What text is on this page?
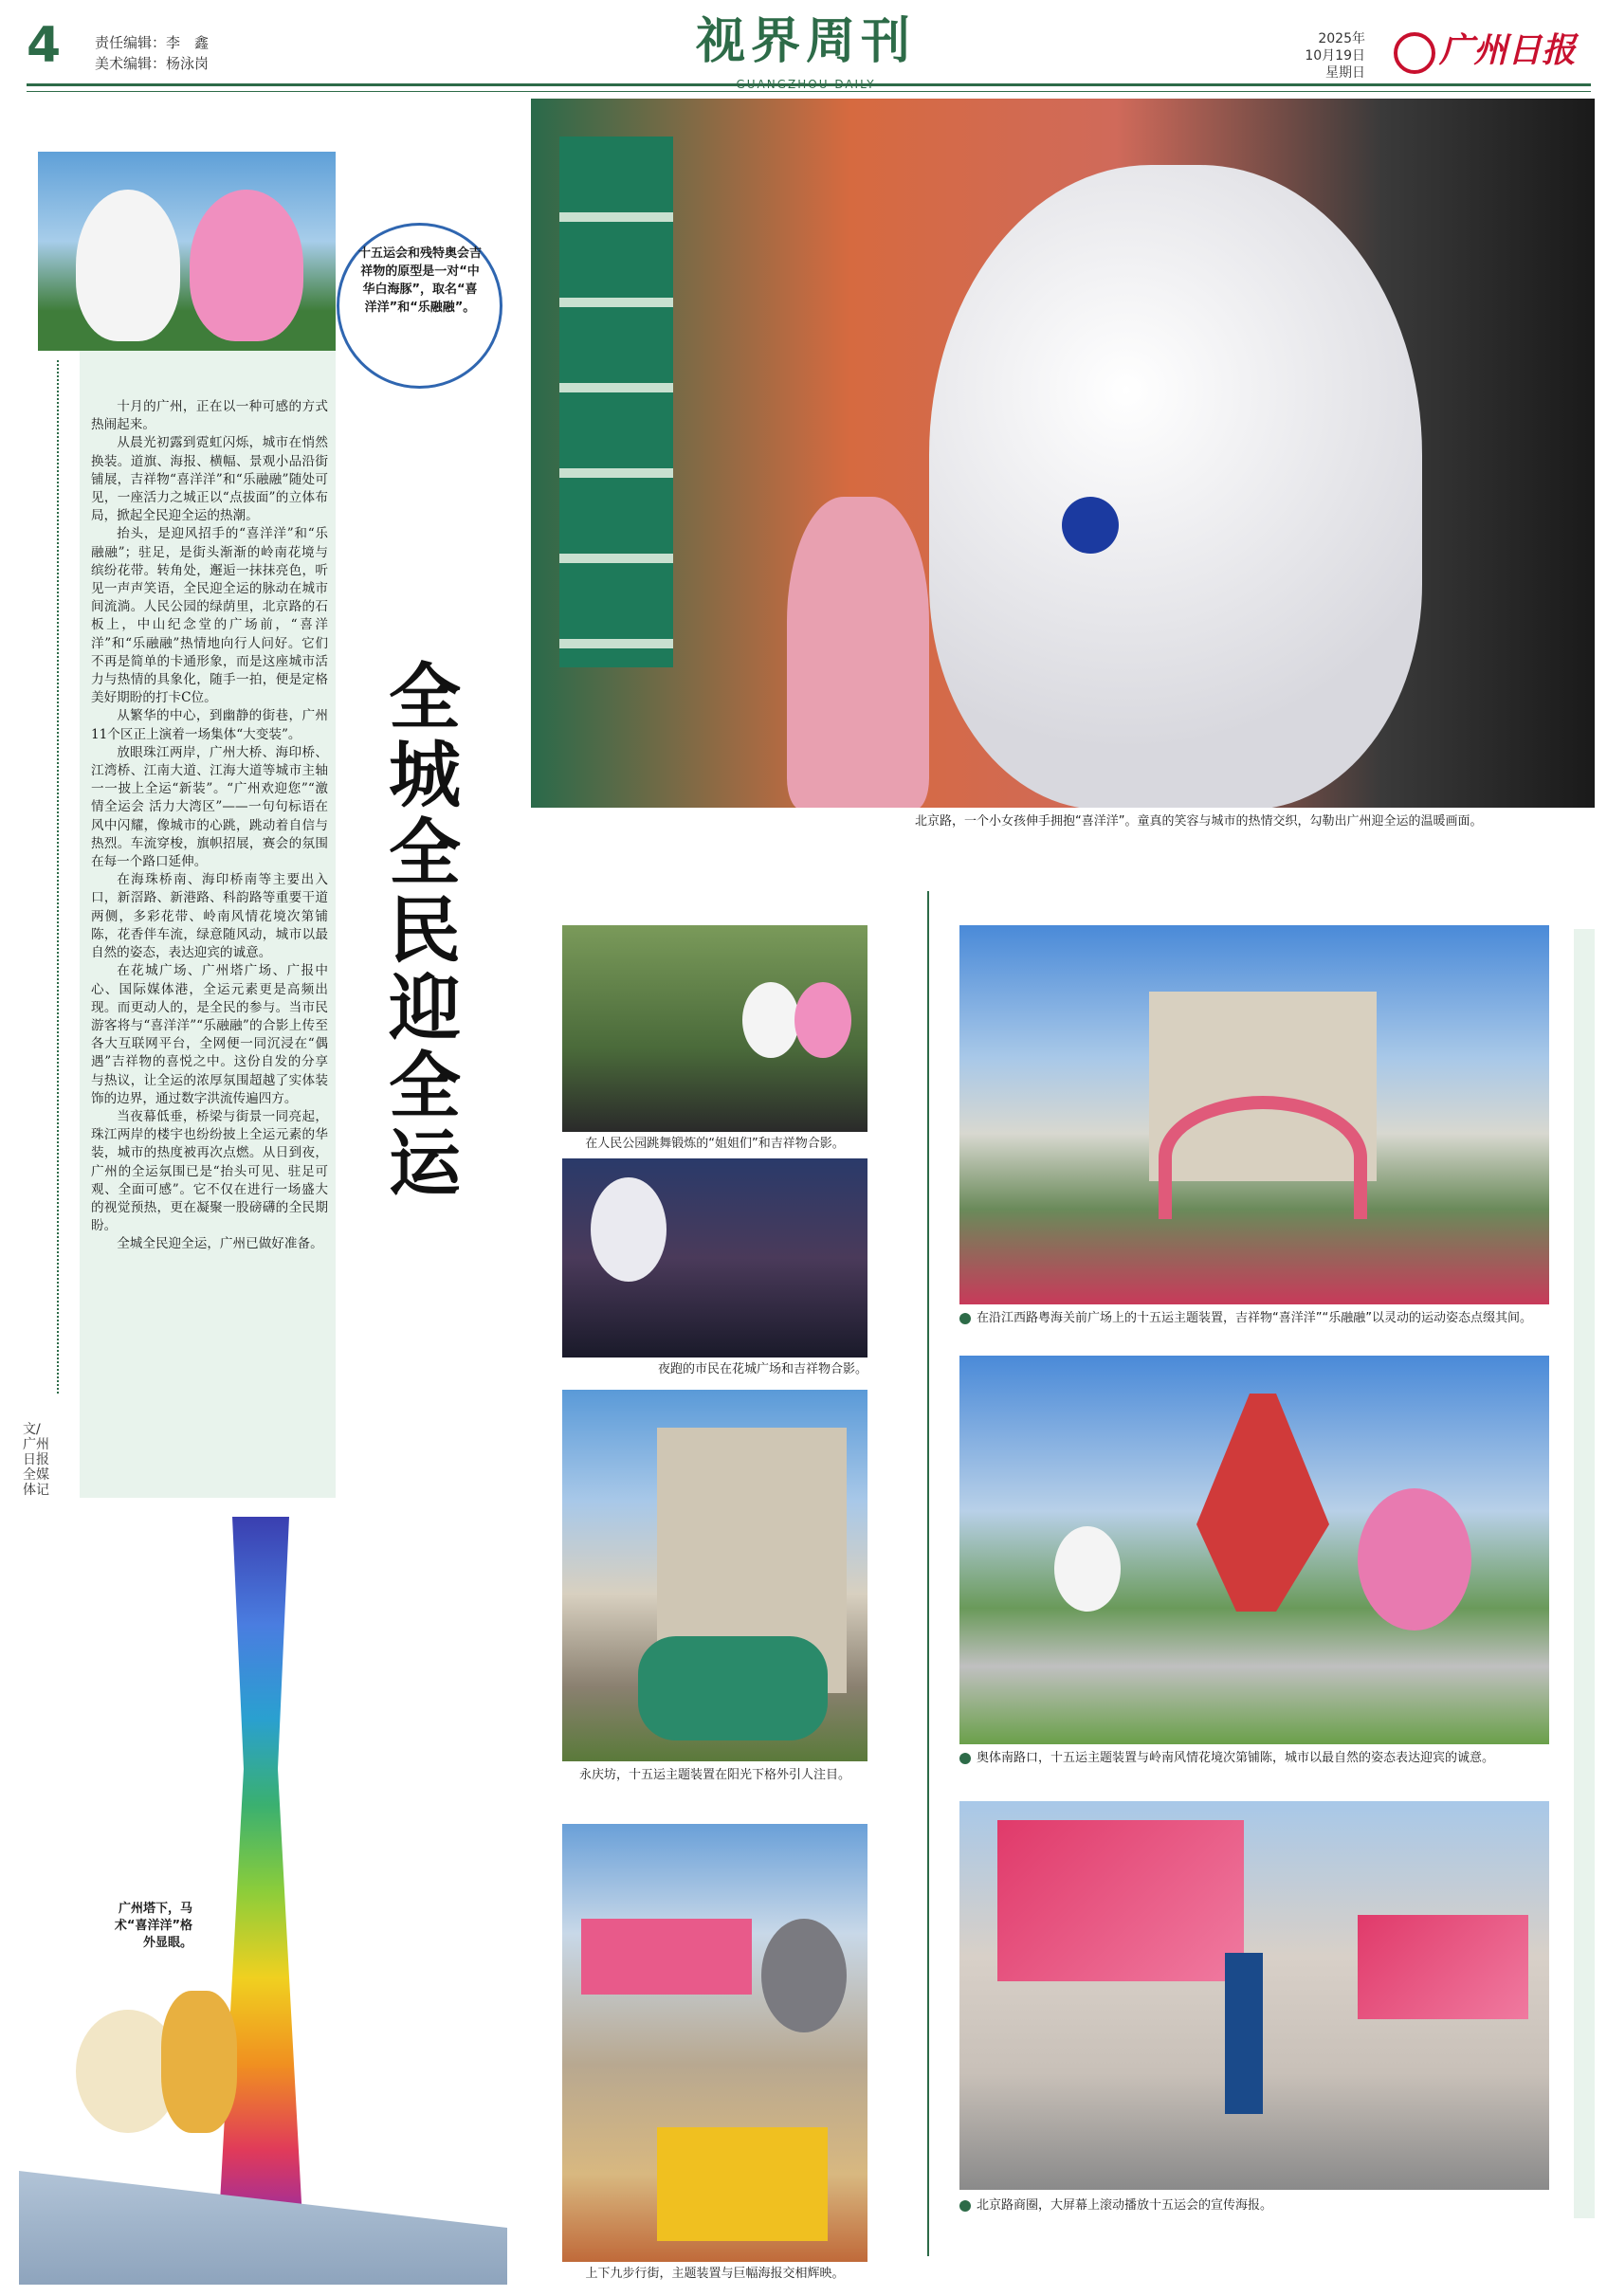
4 责任编辑：李　鑫
美术编辑：杨泳岗	视界周刊	2025年
10月19日
星期日
广州日报
十五运会和残特奥会吉祥物的原型是一对“中华白海豚”，取名“喜洋洋”和“乐融融”。

十月的广州，正在以一种可感的方式热闹起来。

从晨光初露到霓虹闪烁，城市在悄然换装。道旗、海报、横幅、景观小品沿街铺展，吉祥物“喜洋洋”和“乐融融”随处可见，一座活力之城正以“点拔面”的立体布局，掀起全民迎全运的热潮。

抬头，是迎风招手的“喜洋洋”和“乐融融”；驻足，是街头渐渐的岭南花境与缤纷花带。转角处，邂逅一抹抹亮色，听见一声声笑语，全民迎全运的脉动在城市间流淌。人民公园的绿荫里，北京路的石板上，中山纪念堂的广场前，“喜洋洋”和“乐融融”热情地向行人问好。它们不再是简单的卡通形象，而是这座城市活力与热情的具象化，随手一拍，便是定格美好期盼的打卡C位。

从繁华的中心，到幽静的街巷，广州11个区正上演着一场集体“大变装”。

放眼珠江两岸，广州大桥、海印桥、江湾桥、江南大道、江海大道等城市主轴一一披上全运“新装”。“广州欢迎您”“激情全运会 活力大湾区”——一句句标语在风中闪耀，像城市的心跳，跳动着自信与热烈。车流穿梭，旗帜招展，赛会的氛围在每一个路口延伸。

在海珠桥南、海印桥南等主要出入口，新滘路、新港路、科韵路等重要干道两侧，多彩花带、岭南风情花境次第铺陈，花香伴车流，绿意随风动，城市以最自然的姿态，表达迎宾的诚意。

在花城广场、广州塔广场、广报中心、国际媒体港，全运元素更是高频出现。而更动人的，是全民的参与。当市民游客将与“喜洋洋”“乐融融”的合影上传至各大互联网平台，全网便一同沉浸在“偶遇”吉祥物的喜悦之中。这份自发的分享与热议，让全运的浓厚氛围超越了实体装饰的边界，通过数字洪流传遍四方。

当夜幕低垂，桥梁与街景一同亮起，珠江两岸的楼宇也纷纷披上全运元素的华装，城市的热度被再次点燃。从日到夜，广州的全运氛围已是“抬头可见、驻足可观、全面可感”。它不仅在进行一场盛大的视觉预热，更在凝聚一股磅礴的全民期盼。

全城全民迎全运，广州已做好准备。

全城全民迎全运
文/广州日报全媒体记
广州塔下，马术“喜洋洋”格外显眼。
北京路，一个小女孩伸手拥抱“喜洋洋”。童真的笑容与城市的热情交织，勾勒出广州迎全运的温暖画面。
在人民公园跳舞锻炼的“姐姐们”和吉祥物合影。
夜跑的市民在花城广场和吉祥物合影。
永庆坊，十五运主题装置在阳光下格外引人注目。
上下九步行街，主题装置与巨幅海报交相辉映。
在沿江西路粤海关前广场上的十五运主题装置，吉祥物“喜洋洋”“乐融融”以灵动的运动姿态点缀其间。
奥体南路口，十五运主题装置与岭南风情花境次第铺陈，城市以最自然的姿态表达迎宾的诚意。
北京路商圈，大屏幕上滚动播放十五运会的宣传海报。
